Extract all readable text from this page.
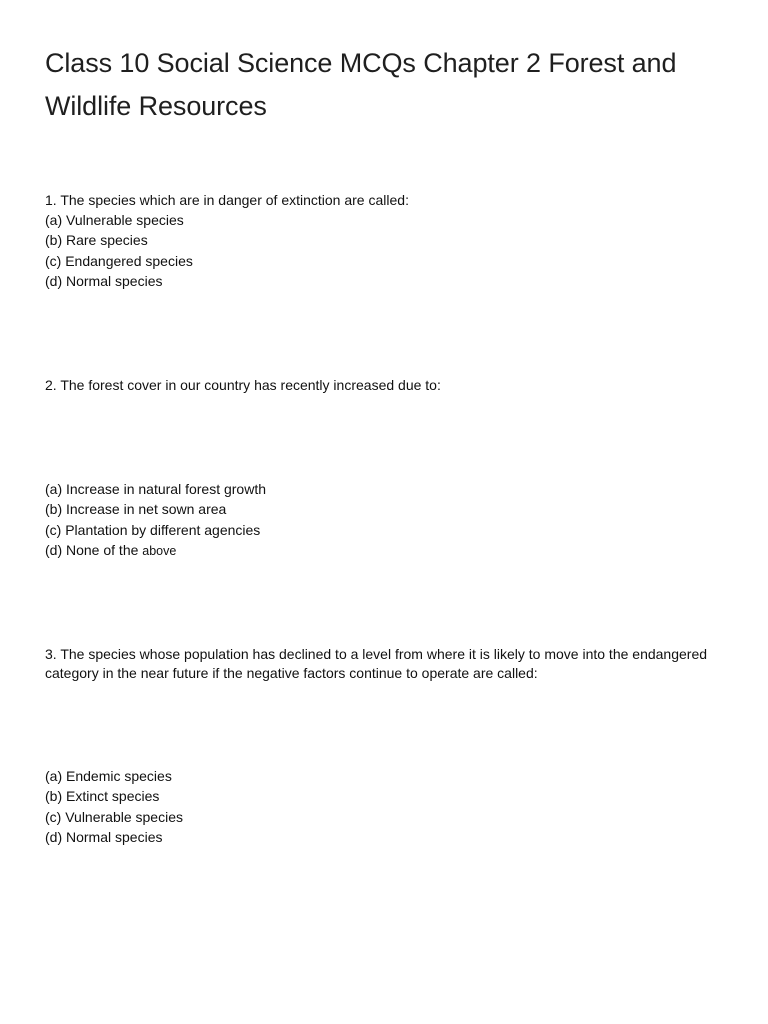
Class 10 Social Science MCQs Chapter 2 Forest and Wildlife Resources
1. The species which are in danger of extinction are called:
(a) Vulnerable species
(b) Rare species
(c) Endangered species
(d) Normal species
2. The forest cover in our country has recently increased due to:
(a) Increase in natural forest growth
(b) Increase in net sown area
(c) Plantation by different agencies
(d) None of the above
3. The species whose population has declined to a level from where it is likely to move into the endangered category in the near future if the negative factors continue to operate are called:
(a) Endemic species
(b) Extinct species
(c) Vulnerable species
(d) Normal species
